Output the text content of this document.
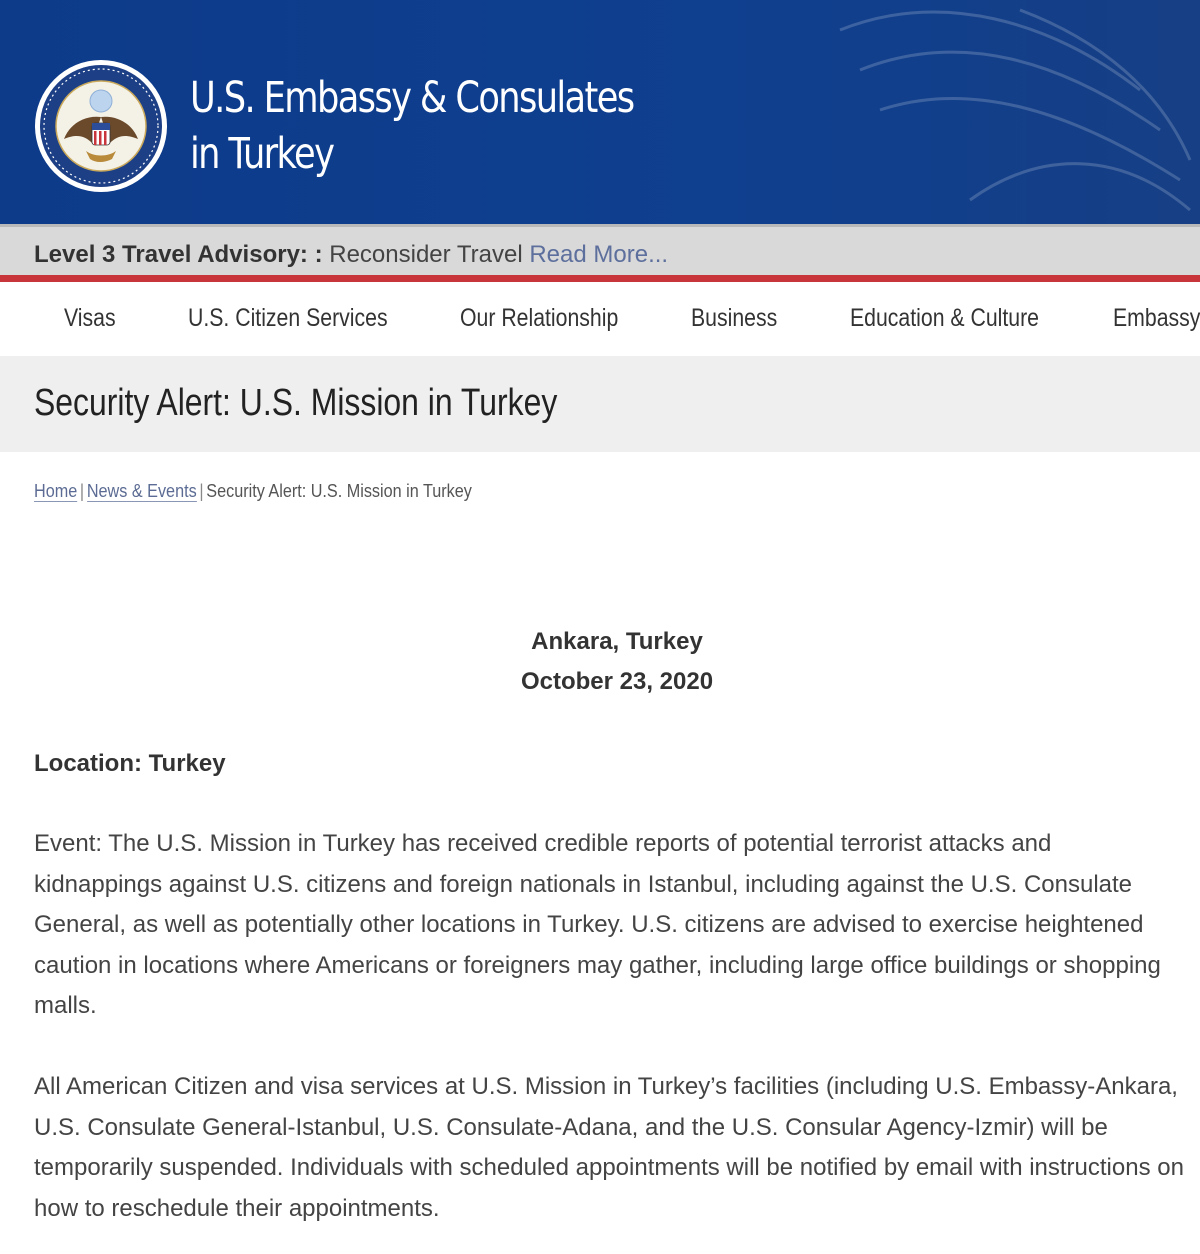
U.S. Embassy & Consulates
in Turkey
Level 3 Travel Advisory: : Reconsider Travel Read More...
Visas	U.S. Citizen Services	Our Relationship	Business	Education & Culture	Embassy
Security Alert: U.S. Mission in Turkey
Home | News & Events | Security Alert: U.S. Mission in Turkey
Ankara, Turkey
October 23, 2020
Location: Turkey

Event: The U.S. Mission in Turkey has received credible reports of potential terrorist attacks and kidnappings against U.S. citizens and foreign nationals in Istanbul, including against the U.S. Consulate General, as well as potentially other locations in Turkey. U.S. citizens are advised to exercise heightened caution in locations where Americans or foreigners may gather, including large office buildings or shopping malls.

All American Citizen and visa services at U.S. Mission in Turkey’s facilities (including U.S. Embassy-Ankara, U.S. Consulate General-Istanbul, U.S. Consulate-Adana, and the U.S. Consular Agency-Izmir) will be temporarily suspended. Individuals with scheduled appointments will be notified by email with instructions on how to reschedule their appointments.
